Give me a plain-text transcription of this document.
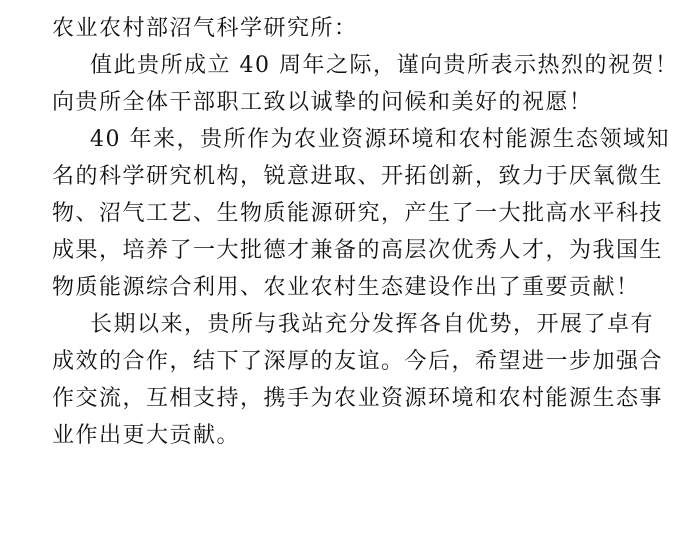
农业农村部沼气科学研究所：
值此贵所成立 40 周年之际，谨向贵所表示热烈的祝贺！
向贵所全体干部职工致以诚挚的问候和美好的祝愿！
40 年来，贵所作为农业资源环境和农村能源生态领域知
名的科学研究机构，锐意进取、开拓创新，致力于厌氧微生
物、沼气工艺、生物质能源研究，产生了一大批高水平科技
成果，培养了一大批德才兼备的高层次优秀人才，为我国生
物质能源综合利用、农业农村生态建设作出了重要贡献！
长期以来，贵所与我站充分发挥各自优势，开展了卓有
成效的合作，结下了深厚的友谊。今后，希望进一步加强合
作交流，互相支持，携手为农业资源环境和农村能源生态事
业作出更大贡献。
